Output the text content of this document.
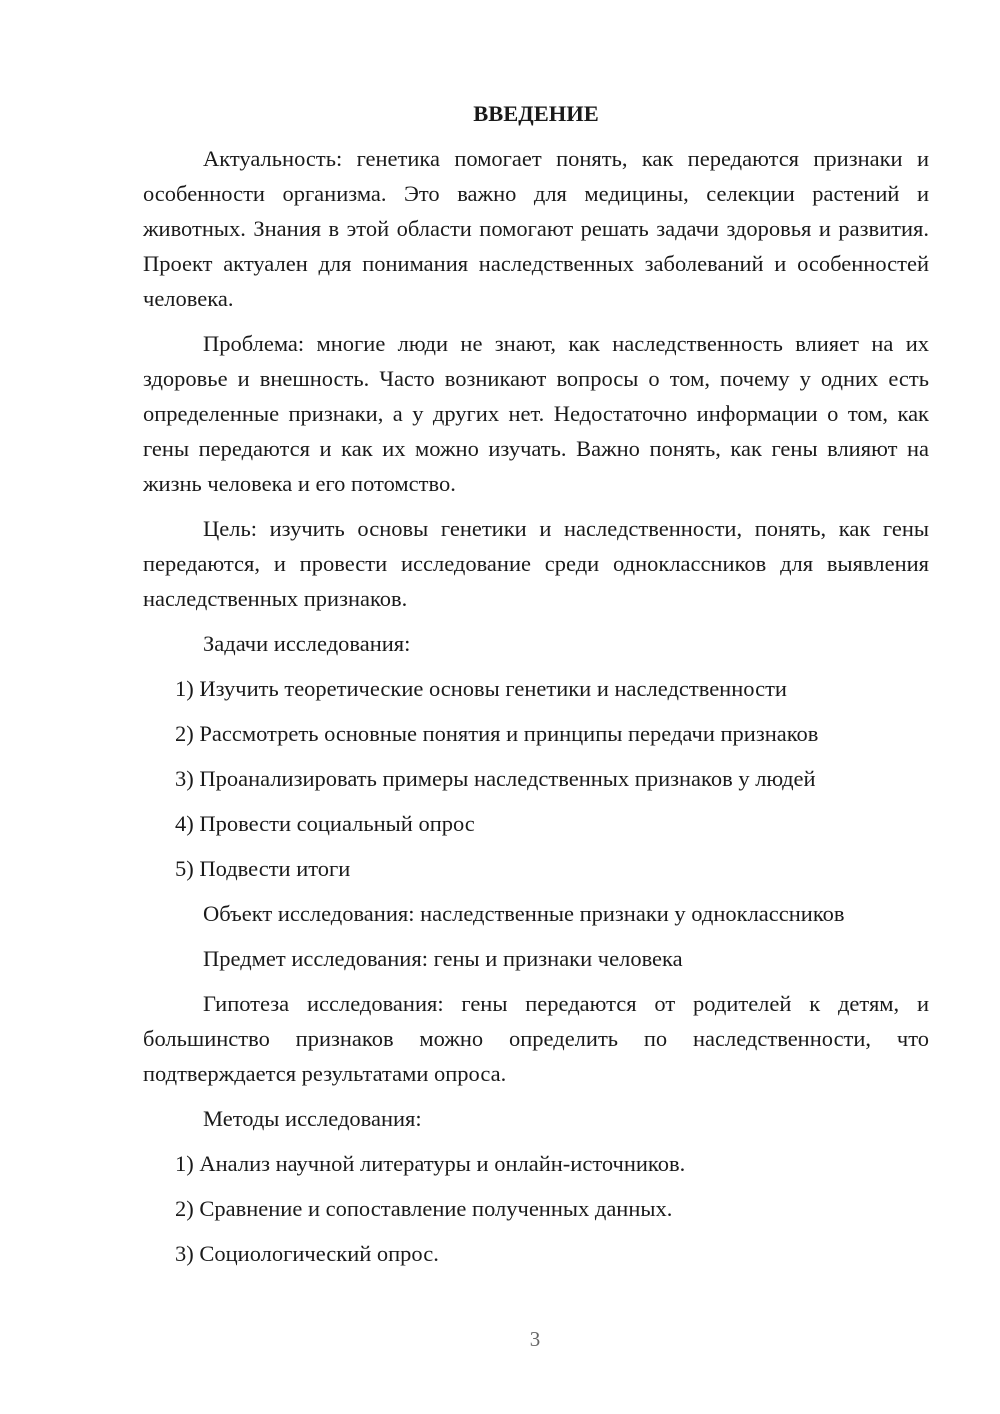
ВВЕДЕНИЕ

Актуальность: генетика помогает понять, как передаются признаки и особенности организма. Это важно для медицины, селекции растений и животных. Знания в этой области помогают решать задачи здоровья и развития. Проект актуален для понимания наследственных заболеваний и особенностей человека.

Проблема: многие люди не знают, как наследственность влияет на их здоровье и внешность. Часто возникают вопросы о том, почему у одних есть определенные признаки, а у других нет. Недостаточно информации о том, как гены передаются и как их можно изучать. Важно понять, как гены влияют на жизнь человека и его потомство.

Цель: изучить основы генетики и наследственности, понять, как гены передаются, и провести исследование среди одноклассников для выявления наследственных признаков.

Задачи исследования:

1) Изучить теоретические основы генетики и наследственности

2) Рассмотреть основные понятия и принципы передачи признаков

3) Проанализировать примеры наследственных признаков у людей

4) Провести социальный опрос

5) Подвести итоги

Объект исследования: наследственные признаки у одноклассников

Предмет исследования: гены и признаки человека

Гипотеза исследования: гены передаются от родителей к детям, и большинство признаков можно определить по наследственности, что подтверждается результатами опроса.

Методы исследования:

1) Анализ научной литературы и онлайн-источников.

2) Сравнение и сопоставление полученных данных.

3) Социологический опрос.

3
